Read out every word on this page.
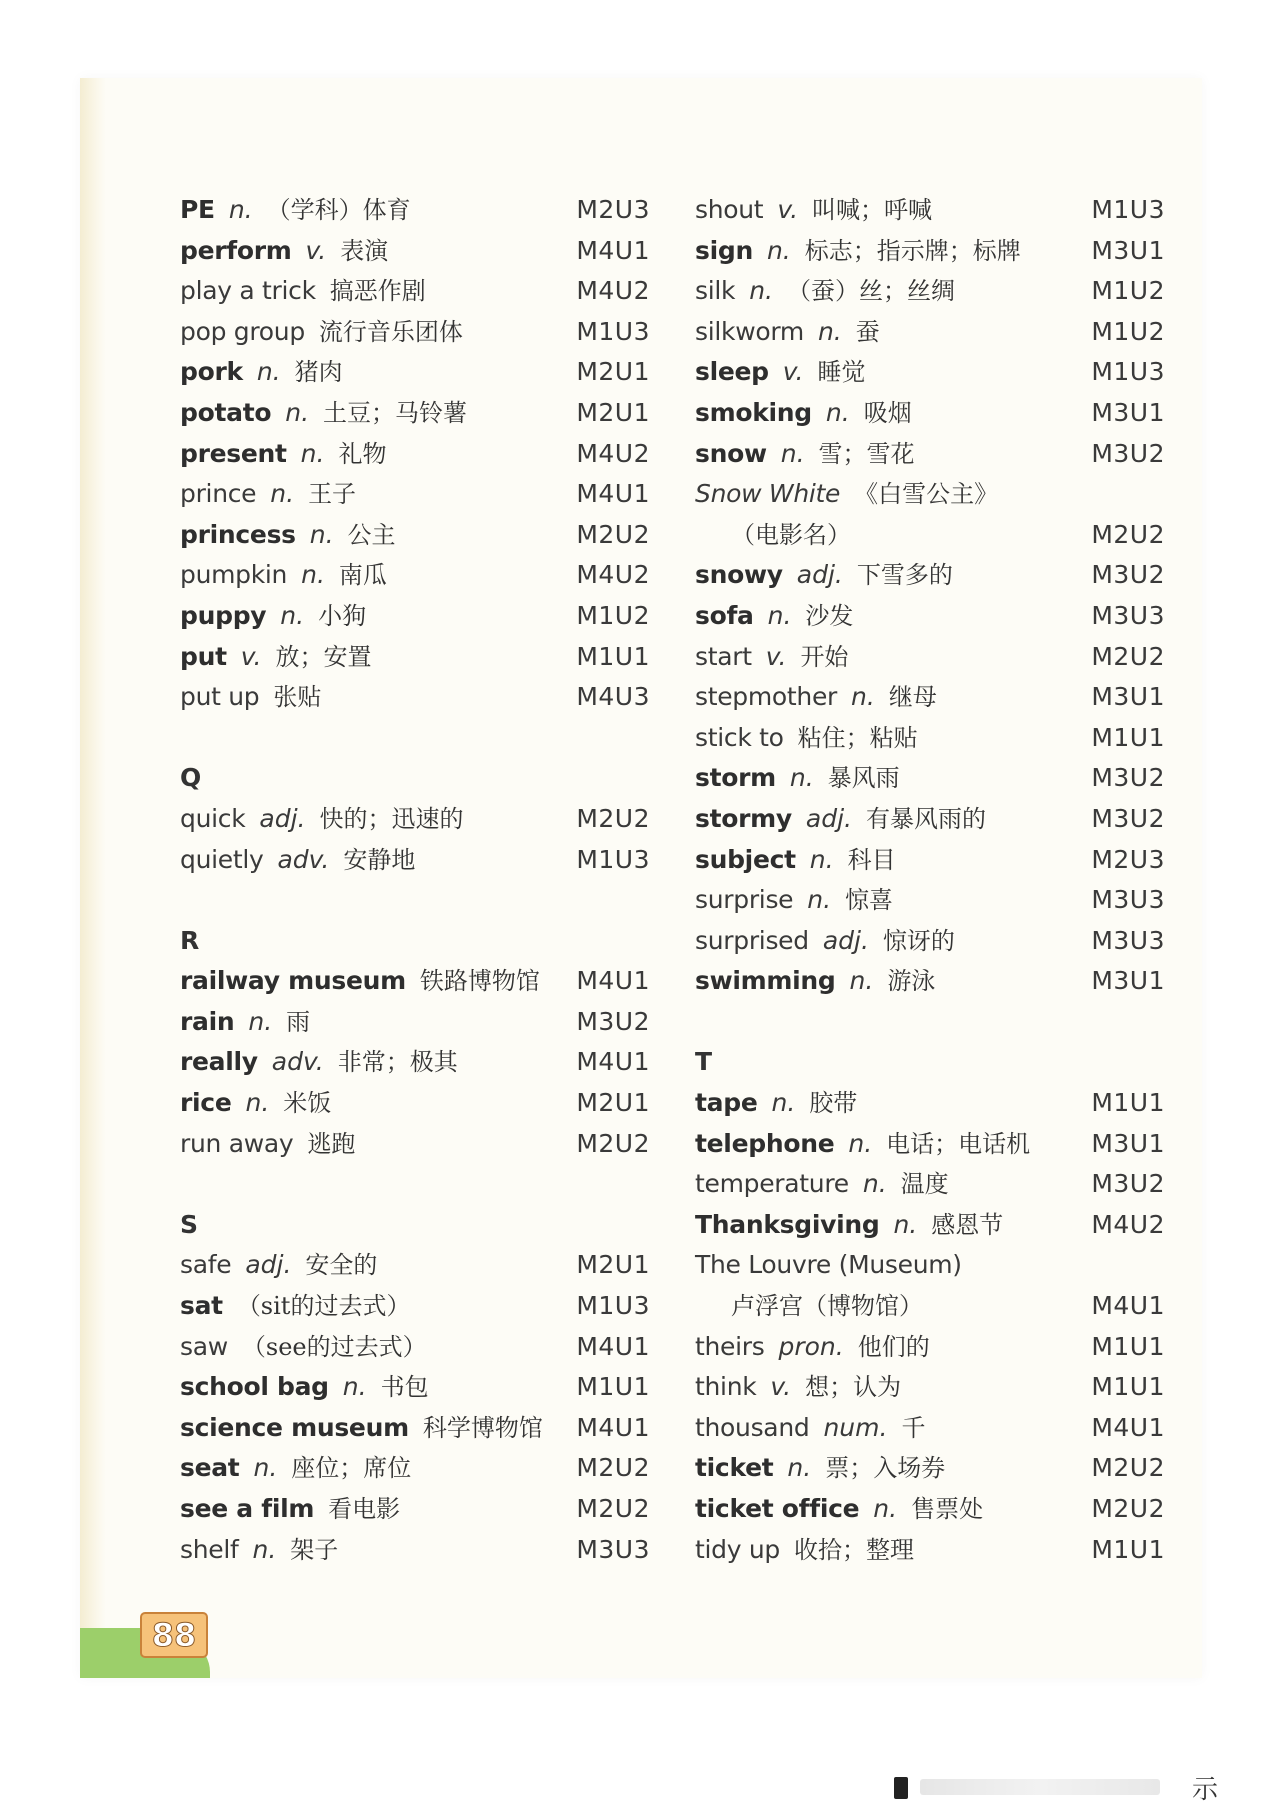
PE n. （学科）体育	M2U3
perform v. 表演	M4U1
play a trick 搞恶作剧	M4U2
pop group 流行音乐团体	M1U3
pork n. 猪肉	M2U1
potato n. 土豆；马铃薯	M2U1
present n. 礼物	M4U2
prince n. 王子	M4U1
princess n. 公主	M2U2
pumpkin n. 南瓜	M4U2
puppy n. 小狗	M1U2
put v. 放；安置	M1U1
put up 张贴	M4U3
Q
quick adj. 快的；迅速的	M2U2
quietly adv. 安静地	M1U3
R
railway museum 铁路博物馆 M4U1
rain n. 雨	M3U2
really adv. 非常；极其	M4U1
rice n. 米饭	M2U1
run away 逃跑	M2U2
S
safe adj. 安全的	M2U1
sat （sit的过去式）	M1U3
saw （see的过去式）	M4U1
school bag n. 书包	M1U1
science museum 科学博物馆 M4U1
seat n. 座位；席位	M2U2
see a film 看电影	M2U2
shelf n. 架子	M3U3
shout v. 叫喊；呼喊	M1U3
sign n. 标志；指示牌；标牌	M3U1
silk n. （蚕）丝；丝绸	M1U2
silkworm n. 蚕	M1U2
sleep v. 睡觉	M1U3
smoking n. 吸烟	M3U1
snow n. 雪；雪花	M3U2
Snow White 《白雪公主》
（电影名）	M2U2
snowy adj. 下雪多的	M3U2
sofa n. 沙发	M3U3
start v. 开始	M2U2
stepmother n. 继母	M3U1
stick to 粘住；粘贴	M1U1
storm n. 暴风雨	M3U2
stormy adj. 有暴风雨的	M3U2
subject n. 科目	M2U3
surprise n. 惊喜	M3U3
surprised adj. 惊讶的	M3U3
swimming n. 游泳	M3U1
T
tape n. 胶带	M1U1
telephone n. 电话；电话机 M3U1
temperature n. 温度	M3U2
Thanksgiving n. 感恩节	M4U2
The Louvre (Museum)
卢浮宫（博物馆）	M4U1
theirs pron. 他们的	M1U1
think v. 想；认为	M1U1
thousand num. 千	M4U1
ticket n. 票；入场券	M2U2
ticket office n. 售票处	M2U2
tidy up 收拾；整理	M1U1
88
示
